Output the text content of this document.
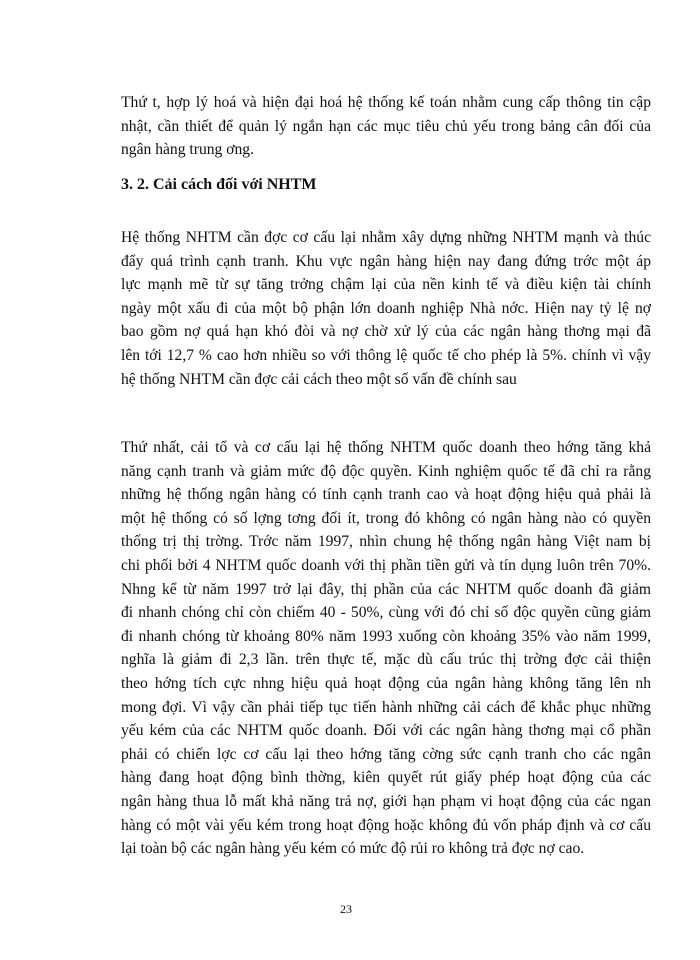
Thứ t, hợp lý hoá và hiện đại hoá hệ thống kế toán nhằm cung cấp thông tin cập
nhật, cần thiết để quản lý ngắn hạn các mục tiêu chủ yếu trong bảng cân đối của
ngân hàng trung ơng.
3. 2. Cải cách đối với NHTM
Hệ thống NHTM cần đợc cơ cấu lại nhằm xây dựng những NHTM mạnh và thúc
đẩy quá trình cạnh tranh. Khu vực ngân hàng hiện nay đang đứng trớc một áp
lực mạnh mẽ từ sự tăng trởng chậm lại của nền kinh tế và điều kiện tài chính
ngày một xấu đi của một bộ phận lớn doanh nghiệp Nhà nớc. Hiện nay tỷ lệ nợ
bao gồm nợ quá hạn khó đòi và nợ chờ xử lý của các ngân hàng thơng mại đã
lên tới 12,7 % cao hơn nhiều so với thông lệ quốc tế cho phép là 5%. chính vì vậy
hệ thống NHTM cần đợc cải cách theo một số vấn đề chính sau
Thứ nhất, cải tổ và cơ cấu lại hệ thống NHTM quốc doanh theo hớng tăng khả
năng cạnh tranh và giảm mức độ độc quyền. Kinh nghiệm quốc tế đã chỉ ra rằng
những hệ thống ngân hàng có tính cạnh tranh cao và hoạt động hiệu quả phải là
một hệ thống có số lợng tơng đối ít, trong đó không có ngân hàng nào có quyền
thống trị thị trờng. Trớc năm 1997, nhìn chung hệ thống ngân hàng Việt nam bị
chi phối bởi 4 NHTM quốc doanh với thị phần tiền gửi và tín dụng luôn trên 70%.
Nhng kể từ năm 1997 trở lại đây, thị phần của các NHTM quốc doanh đã giảm
đi nhanh chóng chỉ còn chiếm 40 - 50%, cùng với đó chỉ số độc quyền cũng giảm
đi nhanh chóng từ khoảng 80% năm 1993 xuống còn khoảng 35% vào năm 1999,
nghĩa là giảm đi 2,3 lần. trên thực tế, mặc dù cấu trúc thị trờng đợc cải thiện
theo hớng tích cực nhng hiệu quả hoạt động của ngân hàng không tăng lên nh
mong đợi. Vì vậy cần phải tiếp tục tiến hành những cải cách để khắc phục những
yếu kém của các NHTM quốc doanh. Đối với các ngân hàng thơng mại cổ phần
phải có chiến lợc cơ cấu lại theo hớng tăng cờng sức cạnh tranh cho các ngân
hàng đang hoạt động bình thờng, kiên quyết rút giấy phép hoạt động của các
ngân hàng thua lỗ mất khả năng trả nợ, giới hạn phạm vi hoạt động của các ngan
hàng có một vài yếu kém trong hoạt động hoặc không đủ vốn pháp định và cơ cấu
lại toàn bộ các ngân hàng yếu kém có mức độ rủi ro không trả đợc nợ cao.
23
